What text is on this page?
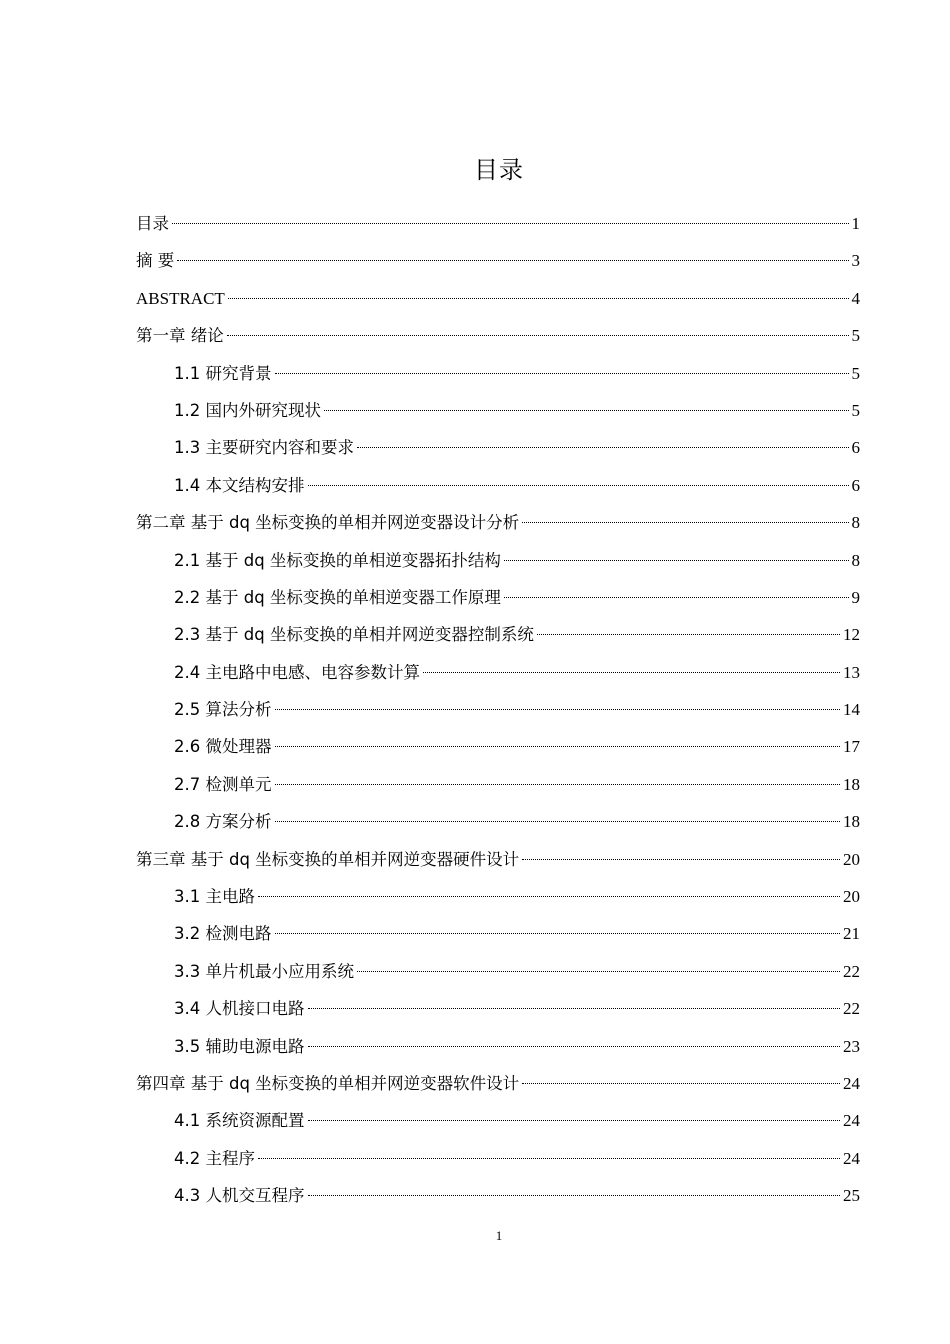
目录
目录	1
摘 要	3
ABSTRACT	4
第一章 绪论	5
1.1 研究背景	5
1.2 国内外研究现状	5
1.3 主要研究内容和要求	6
1.4 本文结构安排	6
第二章 基于 dq 坐标变换的单相并网逆变器设计分析	8
2.1 基于 dq 坐标变换的单相逆变器拓扑结构	8
2.2 基于 dq 坐标变换的单相逆变器工作原理	9
2.3 基于 dq 坐标变换的单相并网逆变器控制系统	12
2.4 主电路中电感、电容参数计算	13
2.5 算法分析	14
2.6 微处理器	17
2.7 检测单元	18
2.8 方案分析	18
第三章 基于 dq 坐标变换的单相并网逆变器硬件设计	20
3.1 主电路	20
3.2 检测电路	21
3.3 单片机最小应用系统	22
3.4 人机接口电路	22
3.5 辅助电源电路	23
第四章 基于 dq 坐标变换的单相并网逆变器软件设计	24
4.1 系统资源配置	24
4.2 主程序	24
4.3 人机交互程序	25
1
